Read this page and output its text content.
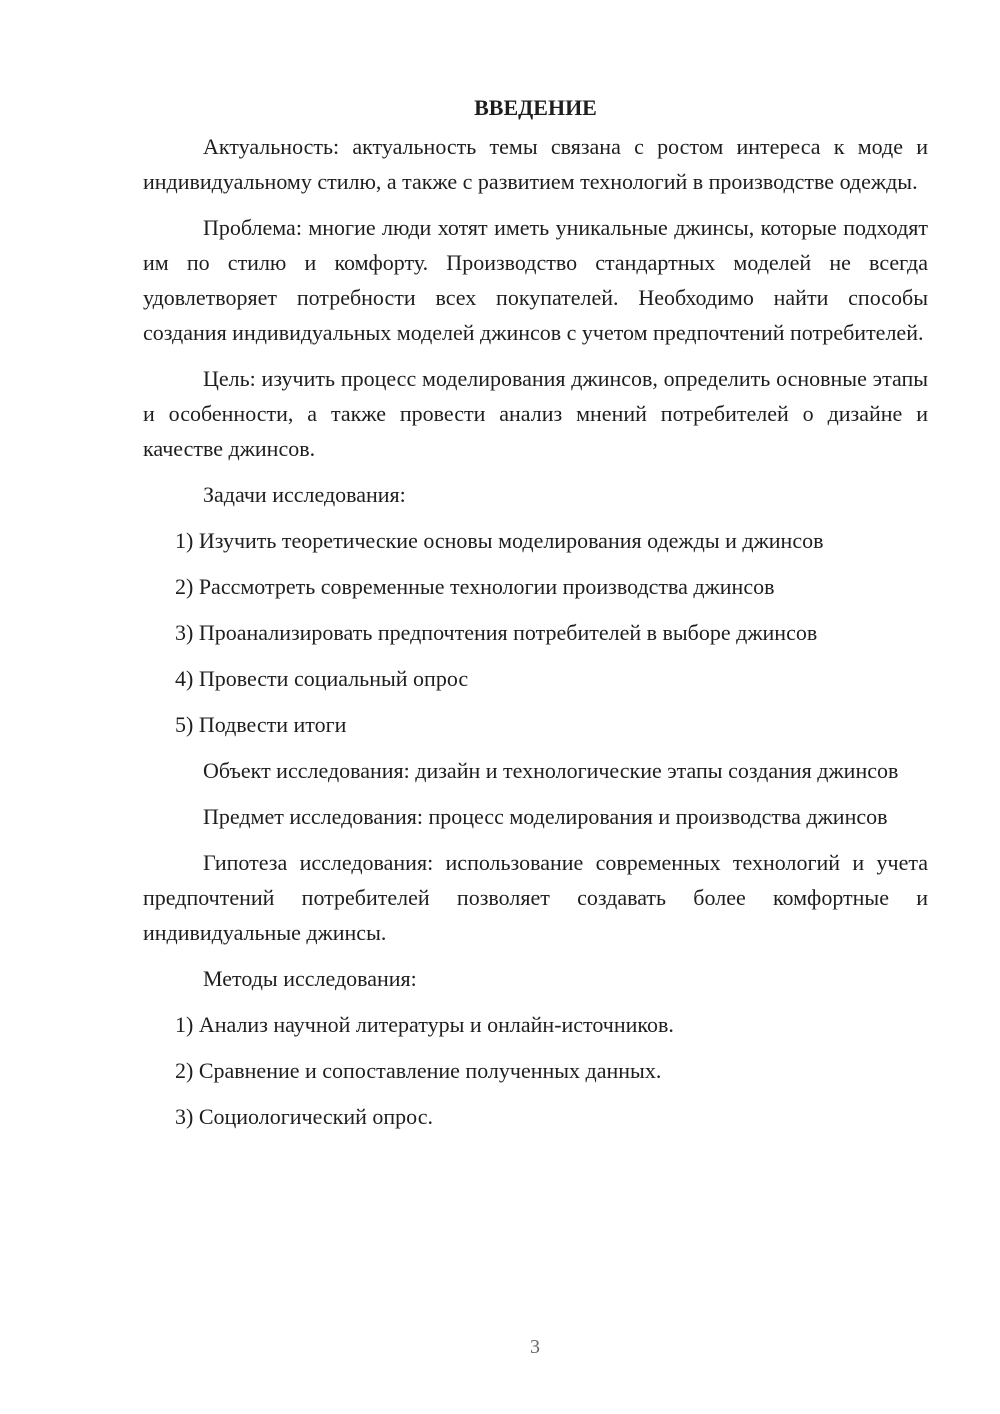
ВВЕДЕНИЕ

Актуальность: актуальность темы связана с ростом интереса к моде и индивидуальному стилю, а также с развитием технологий в производстве одежды.

Проблема: многие люди хотят иметь уникальные джинсы, которые подходят им по стилю и комфорту. Производство стандартных моделей не всегда удовлетворяет потребности всех покупателей. Необходимо найти способы создания индивидуальных моделей джинсов с учетом предпочтений потребителей.

Цель: изучить процесс моделирования джинсов, определить основные этапы и особенности, а также провести анализ мнений потребителей о дизайне и качестве джинсов.

Задачи исследования:

1) Изучить теоретические основы моделирования одежды и джинсов
2) Рассмотреть современные технологии производства джинсов
3) Проанализировать предпочтения потребителей в выборе джинсов
4) Провести социальный опрос
5) Подвести итоги

Объект исследования: дизайн и технологические этапы создания джинсов

Предмет исследования: процесс моделирования и производства джинсов

Гипотеза исследования: использование современных технологий и учета предпочтений потребителей позволяет создавать более комфортные и индивидуальные джинсы.

Методы исследования:

1) Анализ научной литературы и онлайн-источников.
2) Сравнение и сопоставление полученных данных.
3) Социологический опрос.
3
